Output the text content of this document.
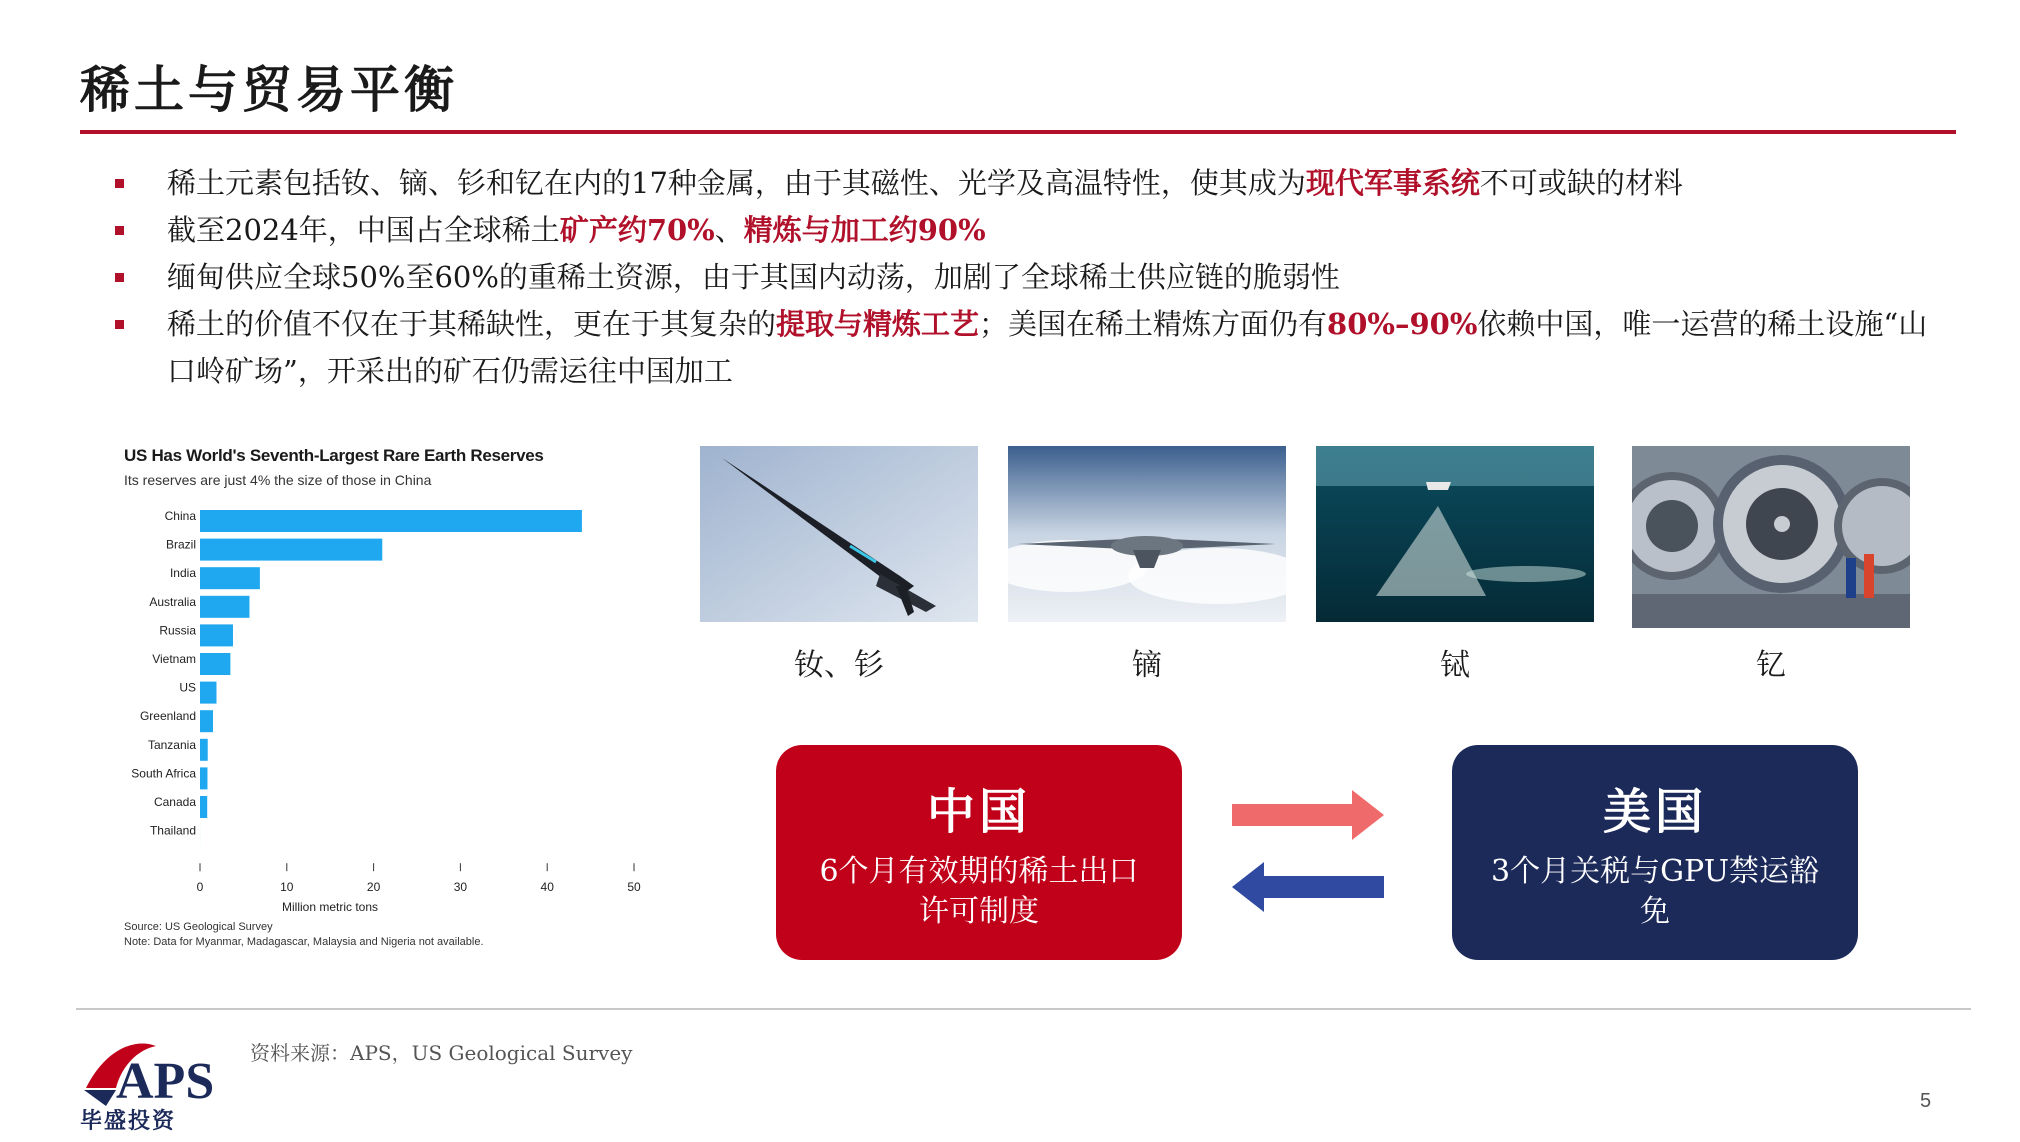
稀土与贸易平衡
稀土元素包括钕、镝、钐和钇在内的17种金属，由于其磁性、光学及高温特性，使其成为现代军事系统不可或缺的材料
截至2024年，中国占全球稀土矿产约70%、精炼与加工约90%
缅甸供应全球50%至60%的重稀土资源，由于其国内动荡，加剧了全球稀土供应链的脆弱性
稀土的价值不仅在于其稀缺性，更在于其复杂的提取与精炼工艺；美国在稀土精炼方面仍有80%–90%依赖中国，唯一运营的稀土设施“山口岭矿场”，开采出的矿石仍需运往中国加工
US Has World's Seventh-Largest Rare Earth Reserves
Its reserves are just 4% the size of those in China
China
Brazil
India
Australia
Russia
Vietnam
US
Greenland
Tanzania
South Africa
Canada
Thailand
0	10	20	30	40	50
Million metric tons
Source: US Geological Survey
Note: Data for Myanmar, Madagascar, Malaysia and Nigeria not available.
钕、钐	镝	铽	钇
中国
6个月有效期的稀土出口许可制度
美国
3个月关税与GPU禁运豁免
APS
毕盛投资
资料来源：APS，US Geological Survey
5
